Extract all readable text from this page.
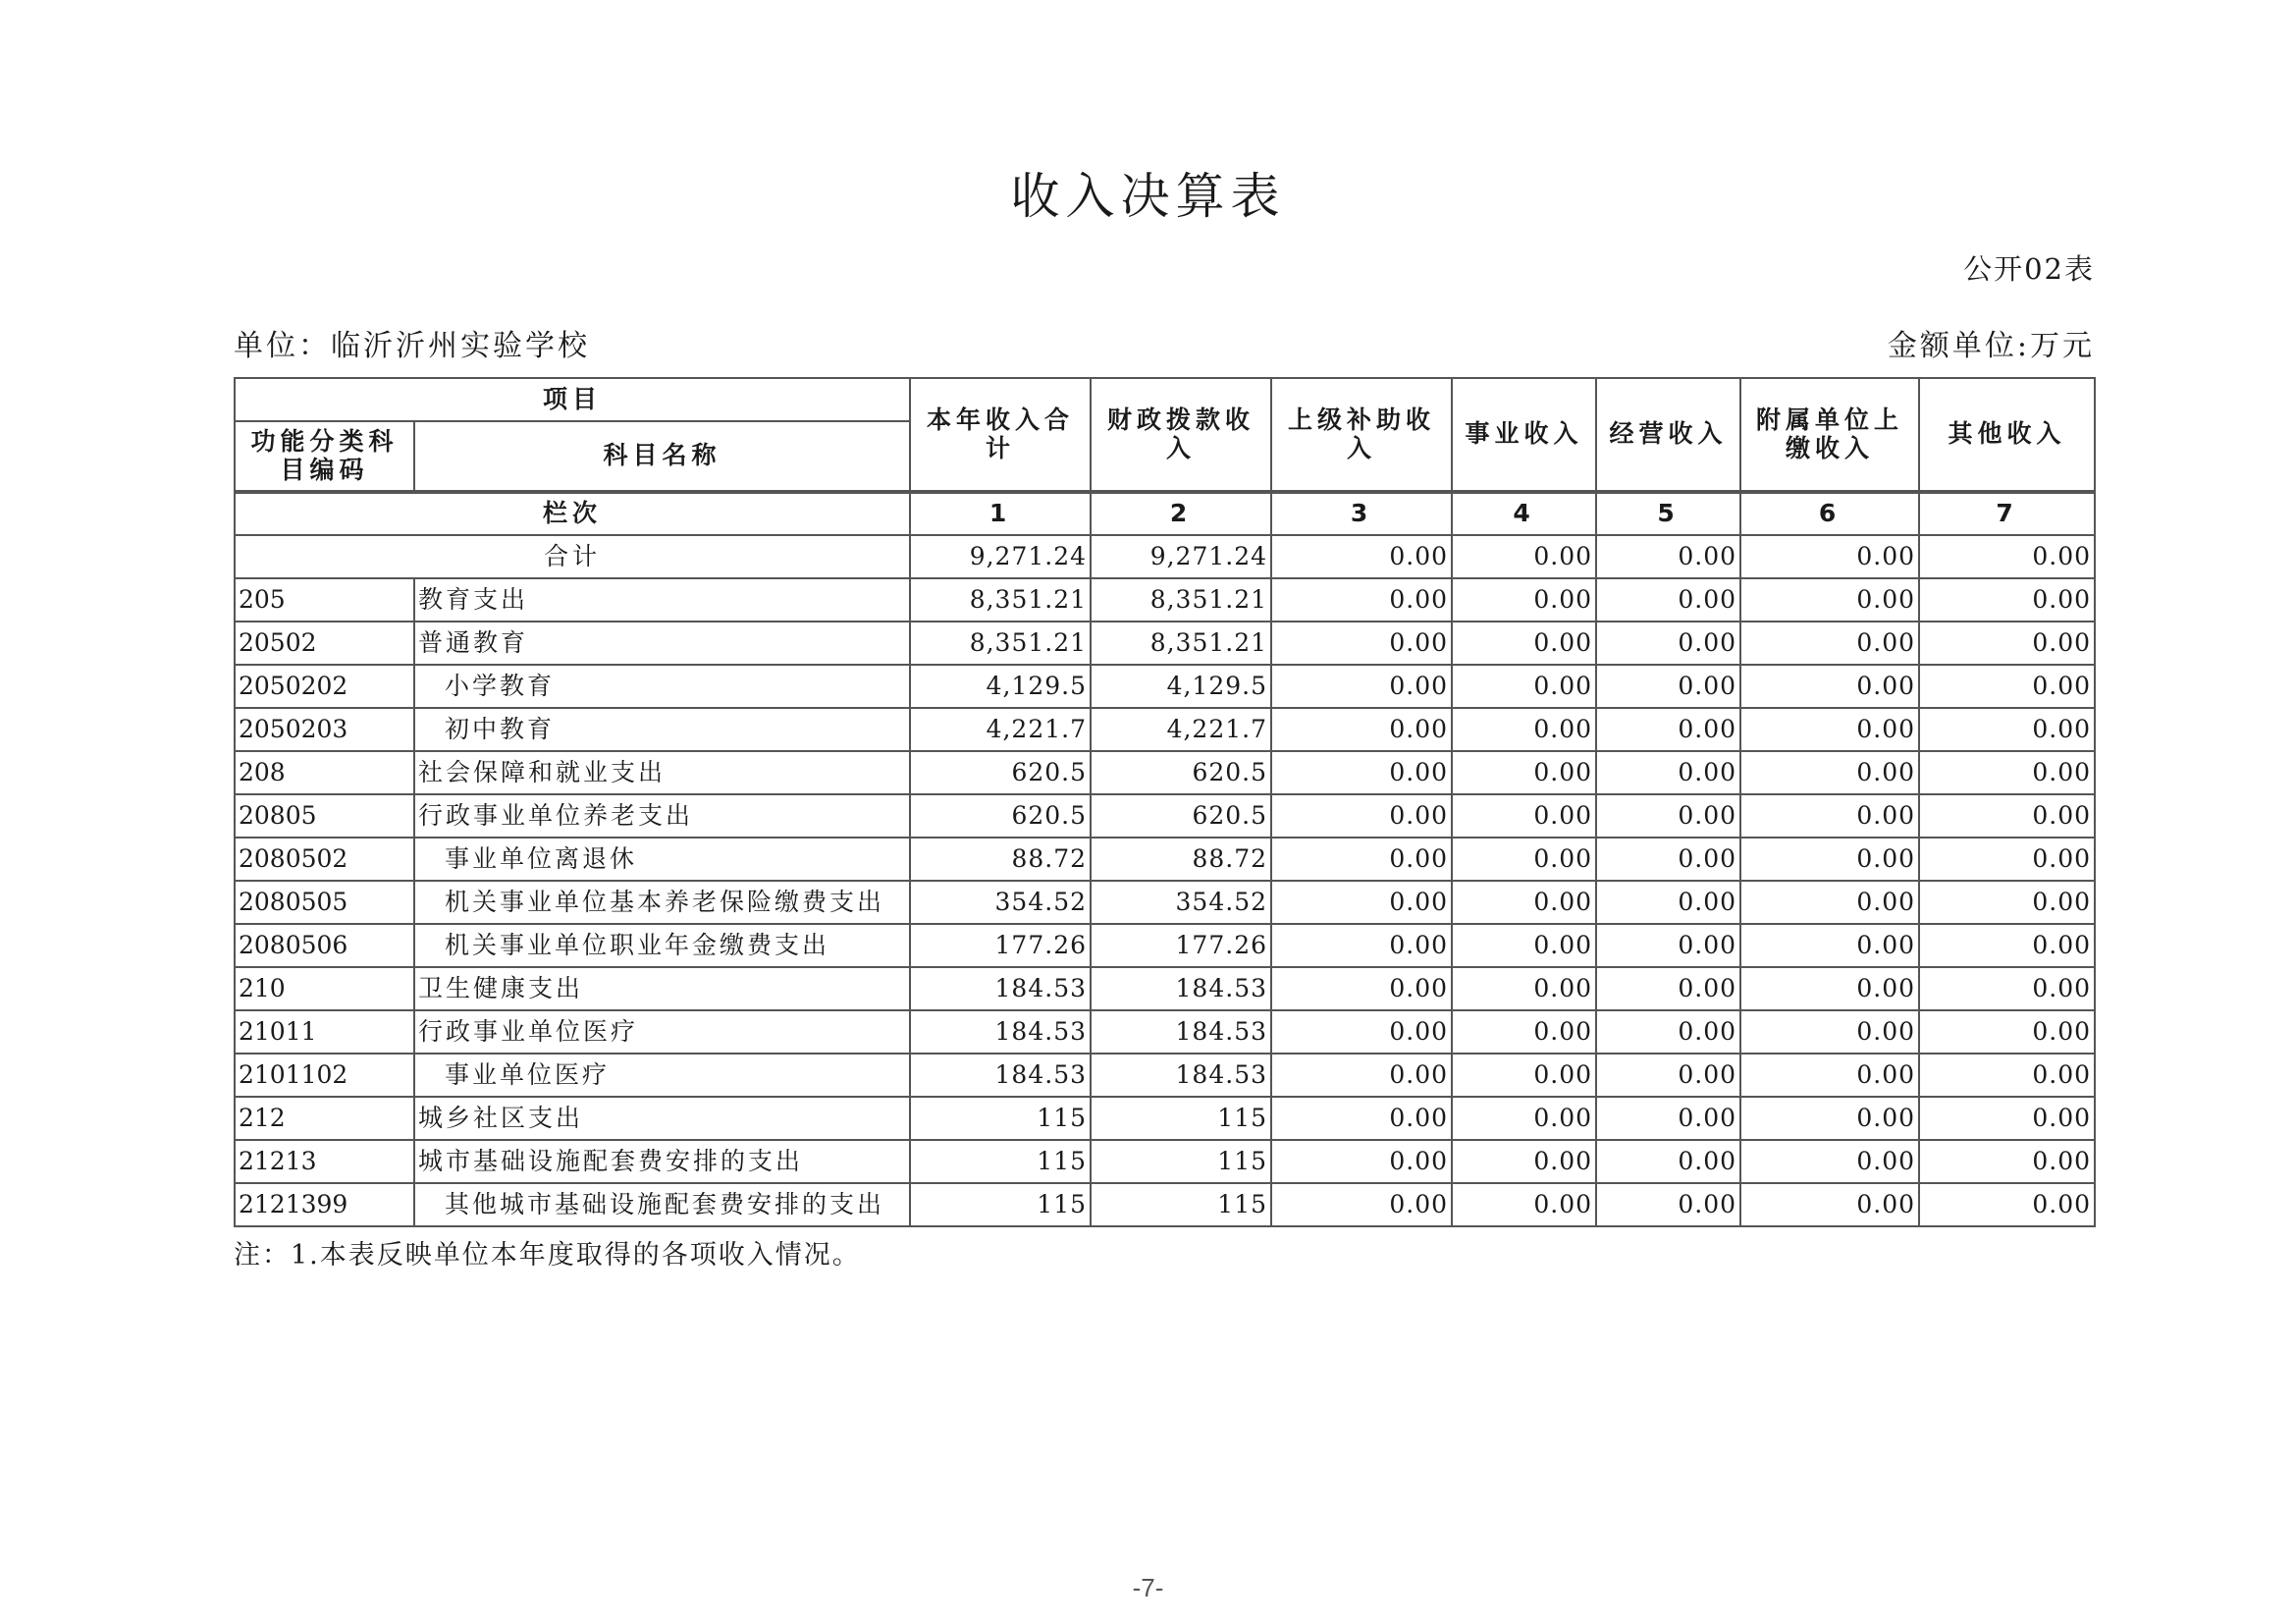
收入决算表
公开02表
单位：临沂沂州实验学校	金额单位:万元
项目		本年收入合计	财政拨款收入	上级补助收入	事业收入	经营收入	附属单位上缴收入	其他收入
功能分类科目编码	科目名称							
栏次		1	2	3	4	5	6	7
合计		9,271.24	9,271.24	0.00	0.00	0.00	0.00	0.00
205	教育支出	8,351.21	8,351.21	0.00	0.00	0.00	0.00	0.00
20502	普通教育	8,351.21	8,351.21	0.00	0.00	0.00	0.00	0.00
2050202	小学教育	4,129.5	4,129.5	0.00	0.00	0.00	0.00	0.00
2050203	初中教育	4,221.7	4,221.7	0.00	0.00	0.00	0.00	0.00
208	社会保障和就业支出	620.5	620.5	0.00	0.00	0.00	0.00	0.00
20805	行政事业单位养老支出	620.5	620.5	0.00	0.00	0.00	0.00	0.00
2080502	事业单位离退休	88.72	88.72	0.00	0.00	0.00	0.00	0.00
2080505	机关事业单位基本养老保险缴费支出	354.52	354.52	0.00	0.00	0.00	0.00	0.00
2080506	机关事业单位职业年金缴费支出	177.26	177.26	0.00	0.00	0.00	0.00	0.00
210	卫生健康支出	184.53	184.53	0.00	0.00	0.00	0.00	0.00
21011	行政事业单位医疗	184.53	184.53	0.00	0.00	0.00	0.00	0.00
2101102	事业单位医疗	184.53	184.53	0.00	0.00	0.00	0.00	0.00
212	城乡社区支出	115	115	0.00	0.00	0.00	0.00	0.00
21213	城市基础设施配套费安排的支出	115	115	0.00	0.00	0.00	0.00	0.00
2121399	其他城市基础设施配套费安排的支出	115	115	0.00	0.00	0.00	0.00	0.00
注：1.本表反映单位本年度取得的各项收入情况。
-7-
